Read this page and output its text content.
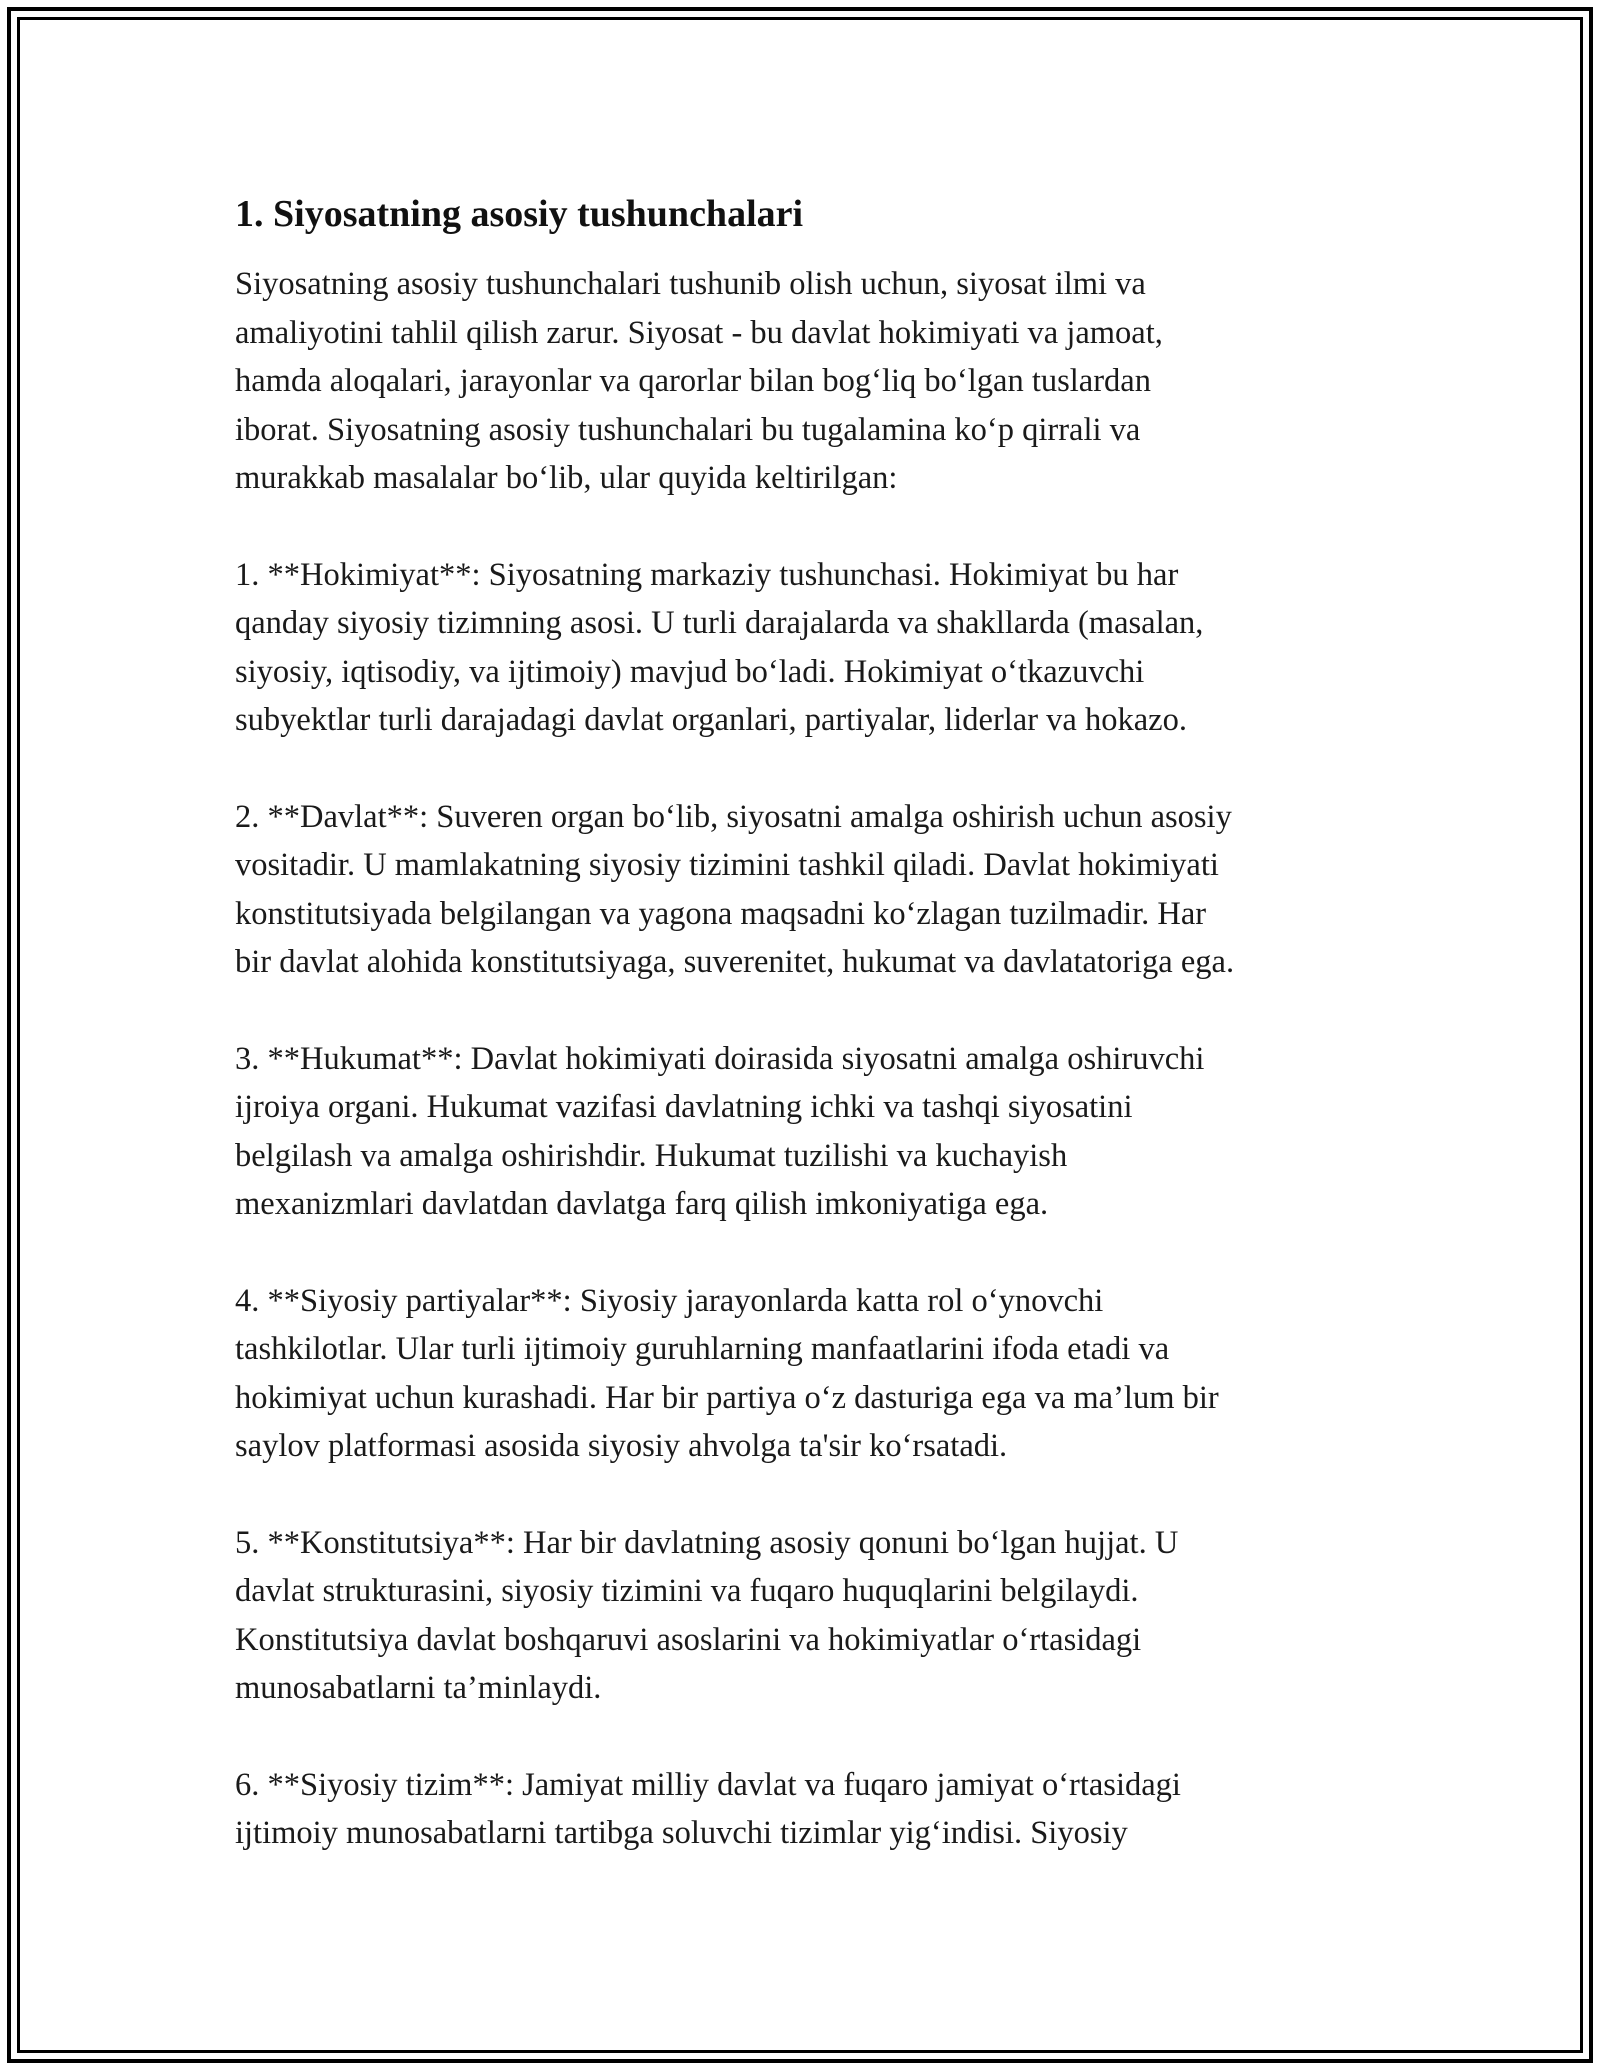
1. Siyosatning asosiy tushunchalari

Siyosatning asosiy tushunchalari tushunib olish uchun, siyosat ilmi va
amaliyotini tahlil qilish zarur. Siyosat - bu davlat hokimiyati va jamoat,
hamda aloqalari, jarayonlar va qarorlar bilan bog‘liq bo‘lgan tuslardan
iborat. Siyosatning asosiy tushunchalari bu tugalamina ko‘p qirrali va
murakkab masalalar bo‘lib, ular quyida keltirilgan:

1. **Hokimiyat**: Siyosatning markaziy tushunchasi. Hokimiyat bu har
qanday siyosiy tizimning asosi. U turli darajalarda va shakllarda (masalan,
siyosiy, iqtisodiy, va ijtimoiy) mavjud bo‘ladi. Hokimiyat o‘tkazuvchi
subyektlar turli darajadagi davlat organlari, partiyalar, liderlar va hokazo.

2. **Davlat**: Suveren organ bo‘lib, siyosatni amalga oshirish uchun asosiy
vositadir. U mamlakatning siyosiy tizimini tashkil qiladi. Davlat hokimiyati
konstitutsiyada belgilangan va yagona maqsadni ko‘zlagan tuzilmadir. Har
bir davlat alohida konstitutsiyaga, suverenitet, hukumat va davlatatoriga ega.

3. **Hukumat**: Davlat hokimiyati doirasida siyosatni amalga oshiruvchi
ijroiya organi. Hukumat vazifasi davlatning ichki va tashqi siyosatini
belgilash va amalga oshirishdir. Hukumat tuzilishi va kuchayish
mexanizmlari davlatdan davlatga farq qilish imkoniyatiga ega.

4. **Siyosiy partiyalar**: Siyosiy jarayonlarda katta rol o‘ynovchi
tashkilotlar. Ular turli ijtimoiy guruhlarning manfaatlarini ifoda etadi va
hokimiyat uchun kurashadi. Har bir partiya o‘z dasturiga ega va ma’lum bir
saylov platformasi asosida siyosiy ahvolga ta'sir ko‘rsatadi.

5. **Konstitutsiya**: Har bir davlatning asosiy qonuni bo‘lgan hujjat. U
davlat strukturasini, siyosiy tizimini va fuqaro huquqlarini belgilaydi.
Konstitutsiya davlat boshqaruvi asoslarini va hokimiyatlar o‘rtasidagi
munosabatlarni ta’minlaydi.

6. **Siyosiy tizim**: Jamiyat milliy davlat va fuqaro jamiyat o‘rtasidagi
ijtimoiy munosabatlarni tartibga soluvchi tizimlar yig‘indisi. Siyosiy
